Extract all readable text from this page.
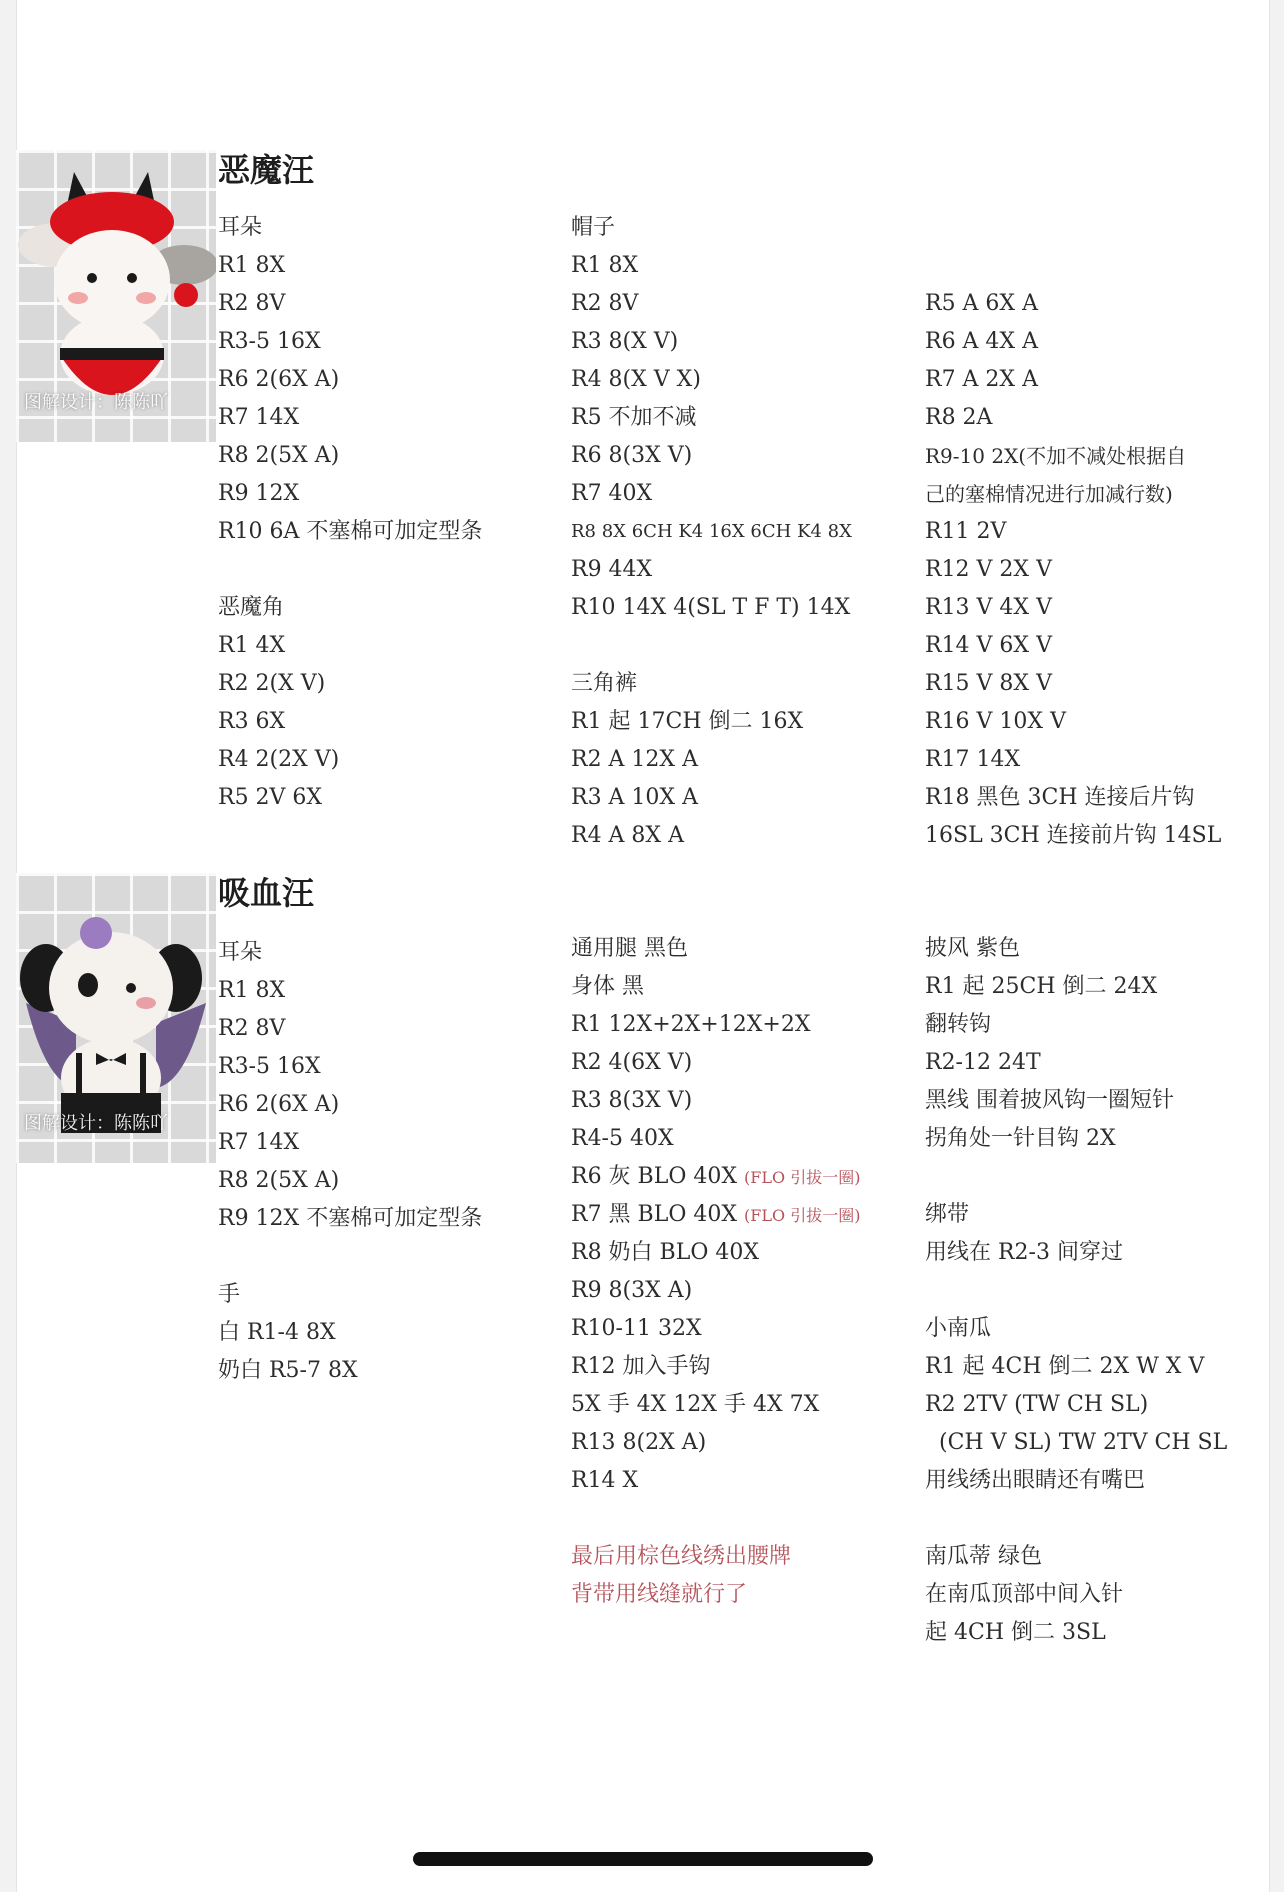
图解设计：陈陈吖
恶魔汪
耳朵
R1 8X
R2 8V
R3-5 16X
R6 2(6X A)
R7 14X
R8 2(5X A)
R9 12X
R10 6A 不塞棉可加定型条
恶魔角
R1 4X
R2 2(X V)
R3 6X
R4 2(2X V)
R5 2V 6X
帽子
R1 8X
R2 8V
R3 8(X V)
R4 8(X V X)
R5 不加不减
R6 8(3X V)
R7 40X
R8 8X 6CH K4 16X 6CH K4 8X
R9 44X
R10 14X 4(SL T F T) 14X
三角裤
R1 起 17CH 倒二 16X
R2 A 12X A
R3 A 10X A
R4 A 8X A
R5 A 6X A
R6 A 4X A
R7 A 2X A
R8 2A
R9-10 2X(不加不减处根据自
己的塞棉情况进行加减行数)
R11 2V
R12 V 2X V
R13 V 4X V
R14 V 6X V
R15 V 8X V
R16 V 10X V
R17 14X
R18 黑色 3CH 连接后片钩
16SL 3CH 连接前片钩 14SL
图解设计：陈陈吖
吸血汪
耳朵
R1 8X
R2 8V
R3-5 16X
R6 2(6X A)
R7 14X
R8 2(5X A)
R9 12X 不塞棉可加定型条
手
白 R1-4 8X
奶白 R5-7 8X
通用腿 黑色
身体 黑
R1 12X+2X+12X+2X
R2 4(6X V)
R3 8(3X V)
R4-5 40X
R6 灰 BLO 40X (FLO 引拔一圈)
R7 黑 BLO 40X (FLO 引拔一圈)
R8 奶白 BLO 40X
R9 8(3X A)
R10-11 32X
R12 加入手钩
5X 手 4X 12X 手 4X 7X
R13 8(2X A)
R14 X
最后用棕色线绣出腰牌
背带用线缝就行了
披风 紫色
R1 起 25CH 倒二 24X
翻转钩
R2-12 24T
黑线 围着披风钩一圈短针
拐角处一针目钩 2X
绑带
用线在 R2-3 间穿过
小南瓜
R1 起 4CH 倒二 2X W X V
R2 2TV (TW CH SL)
(CH V SL) TW 2TV CH SL
用线绣出眼睛还有嘴巴
南瓜蒂 绿色
在南瓜顶部中间入针
起 4CH 倒二 3SL
